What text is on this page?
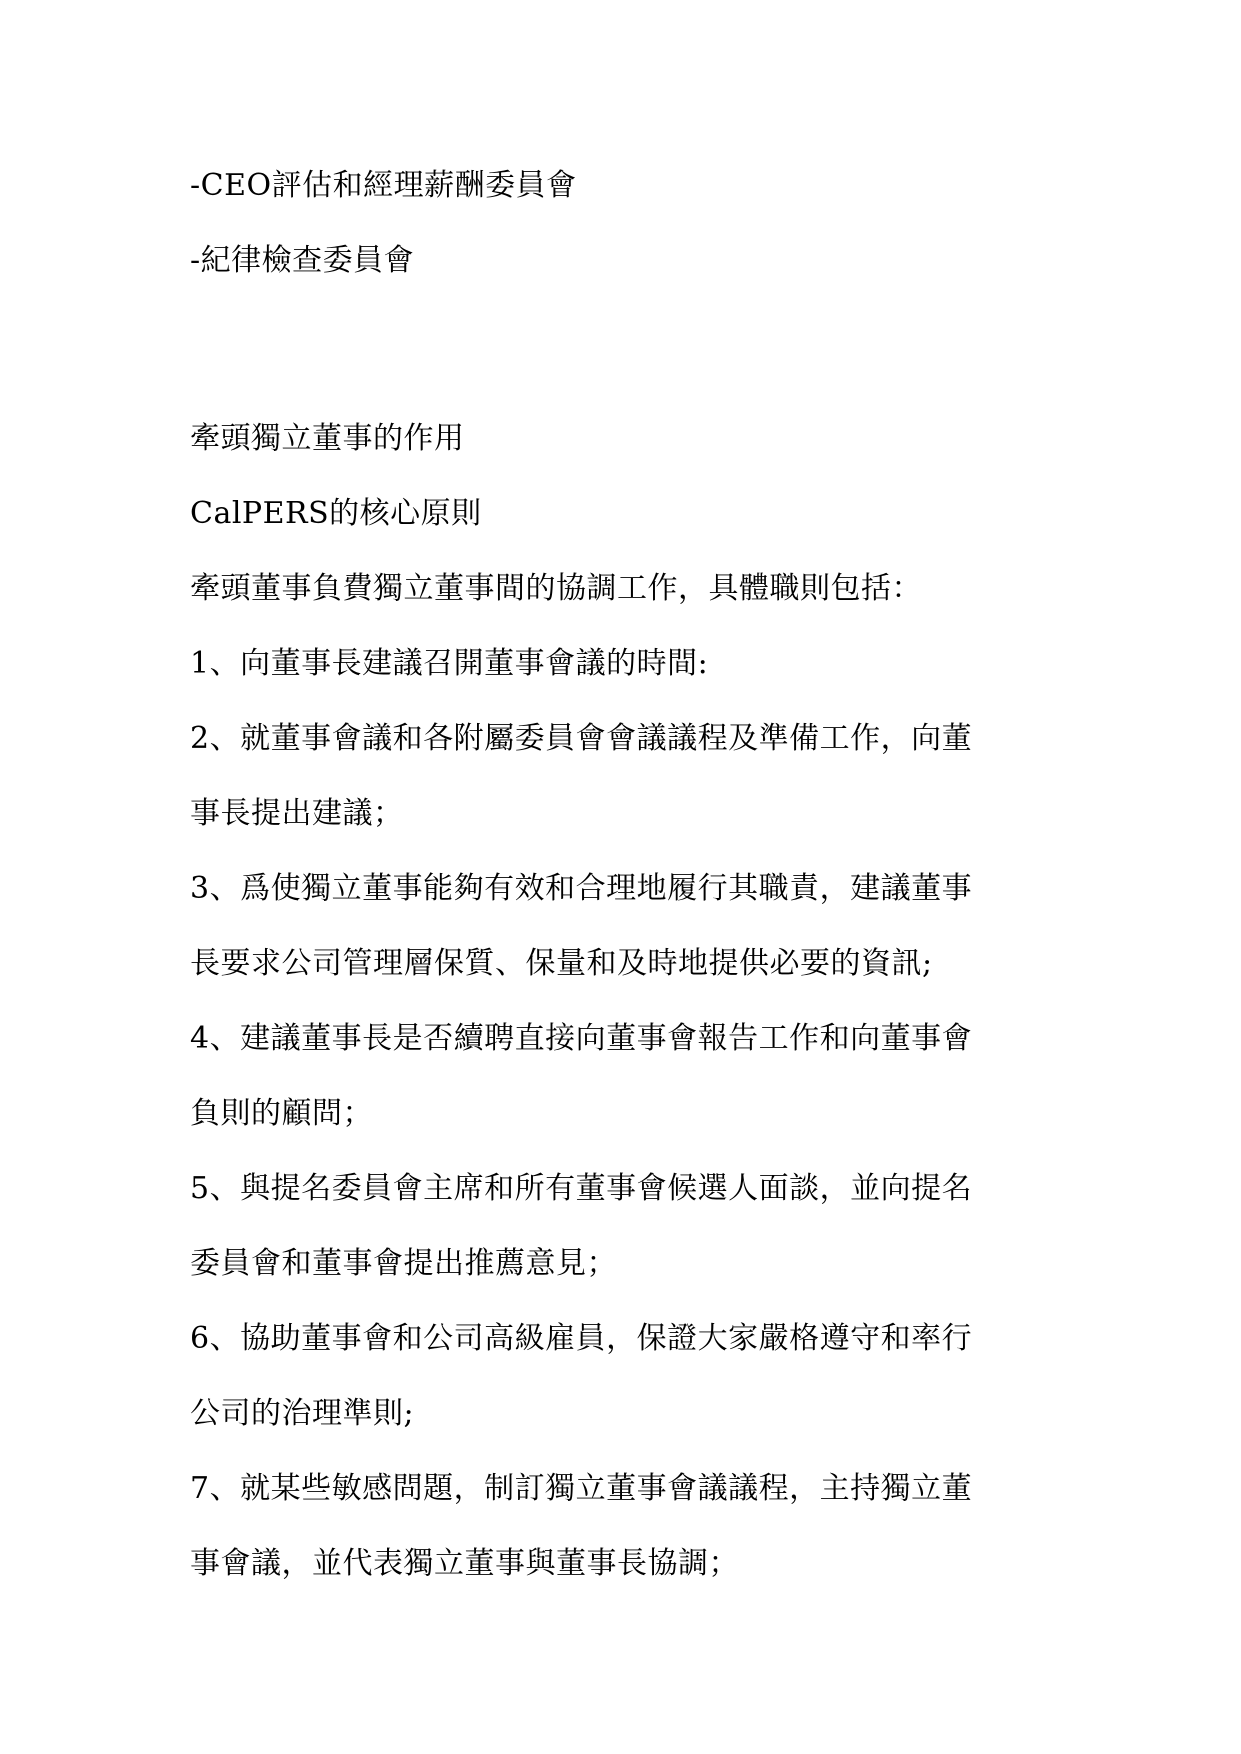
-CEO評估和經理薪酬委員會
-紀律檢查委員會
牽頭獨立董事的作用
CalPERS的核心原則
牽頭董事負費獨立董事間的協調工作，具體職則包括：
1、向董事長建議召開董事會議的時間:
2、就董事會議和各附屬委員會會議議程及準備工作，向董
事長提出建議；
3、爲使獨立董事能夠有效和合理地履行其職責，建議董事
長要求公司管理層保質、保量和及時地提供必要的資訊;
4、建議董事長是否續聘直接向董事會報告工作和向董事會
負則的顧問；
5、與提名委員會主席和所有董事會候選人面談，並向提名
委員會和董事會提出推薦意見；
6、協助董事會和公司高級雇員，保證大家嚴格遵守和率行
公司的治理準則;
7、就某些敏感問題，制訂獨立董事會議議程，主持獨立董
事會議，並代表獨立董事與董事長協調；
